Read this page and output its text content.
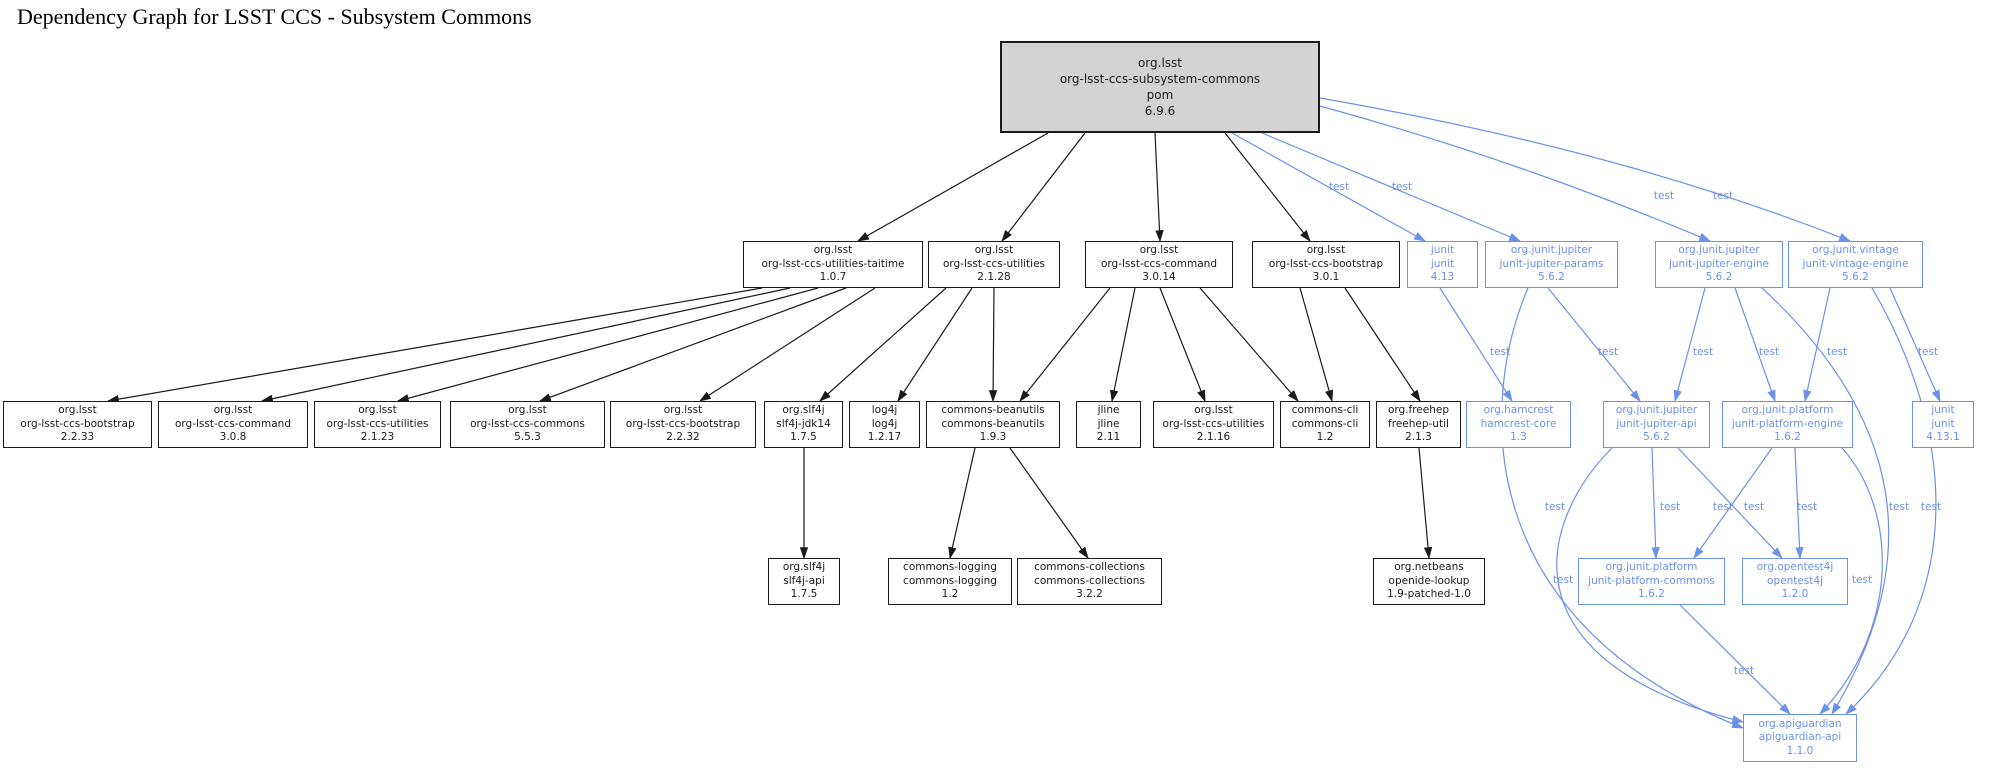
Dependency Graph for LSST CCS - Subsystem Commons
test	test
test	test
test	test	test	test	test	test
test	test test	test
test
test
test test
test
test
org.lsst
org-lsst-ccs-subsystem-commons
pom
6.9.6
org.lsst
org-lsst-ccs-utilities-taitime
1.0.7
org.lsst
org-lsst-ccs-utilities
2.1.28
org.lsst
org-lsst-ccs-command
3.0.14
org.lsst
org-lsst-ccs-bootstrap
3.0.1
junit
junit
4.13
org.junit.jupiter
junit-jupiter-params
5.6.2
org.junit.jupiter
junit-jupiter-engine
5.6.2
org.junit.vintage
junit-vintage-engine
5.6.2
org.lsst
org-lsst-ccs-bootstrap
2.2.33
org.lsst
org-lsst-ccs-command
3.0.8
org.lsst
org-lsst-ccs-utilities
2.1.23
org.lsst
org-lsst-ccs-commons
5.5.3
org.lsst
org-lsst-ccs-bootstrap
2.2.32
org.slf4j
slf4j-jdk14
1.7.5
log4j
log4j
1.2.17
commons-beanutils
commons-beanutils
1.9.3
jline
jline
2.11
org.lsst
org-lsst-ccs-utilities
2.1.16
commons-cli
commons-cli
1.2
org.freehep
freehep-util
2.1.3
org.hamcrest
hamcrest-core
1.3
org.junit.jupiter
junit-jupiter-api
5.6.2
org.junit.platform
junit-platform-engine
1.6.2
junit
junit
4.13.1
org.slf4j
slf4j-api
1.7.5
commons-logging
commons-logging
1.2
commons-collections
commons-collections
3.2.2
org.netbeans
openide-lookup
1.9-patched-1.0
org.junit.platform
junit-platform-commons
1.6.2
org.opentest4j
opentest4j
1.2.0
org.apiguardian
apiguardian-api
1.1.0
